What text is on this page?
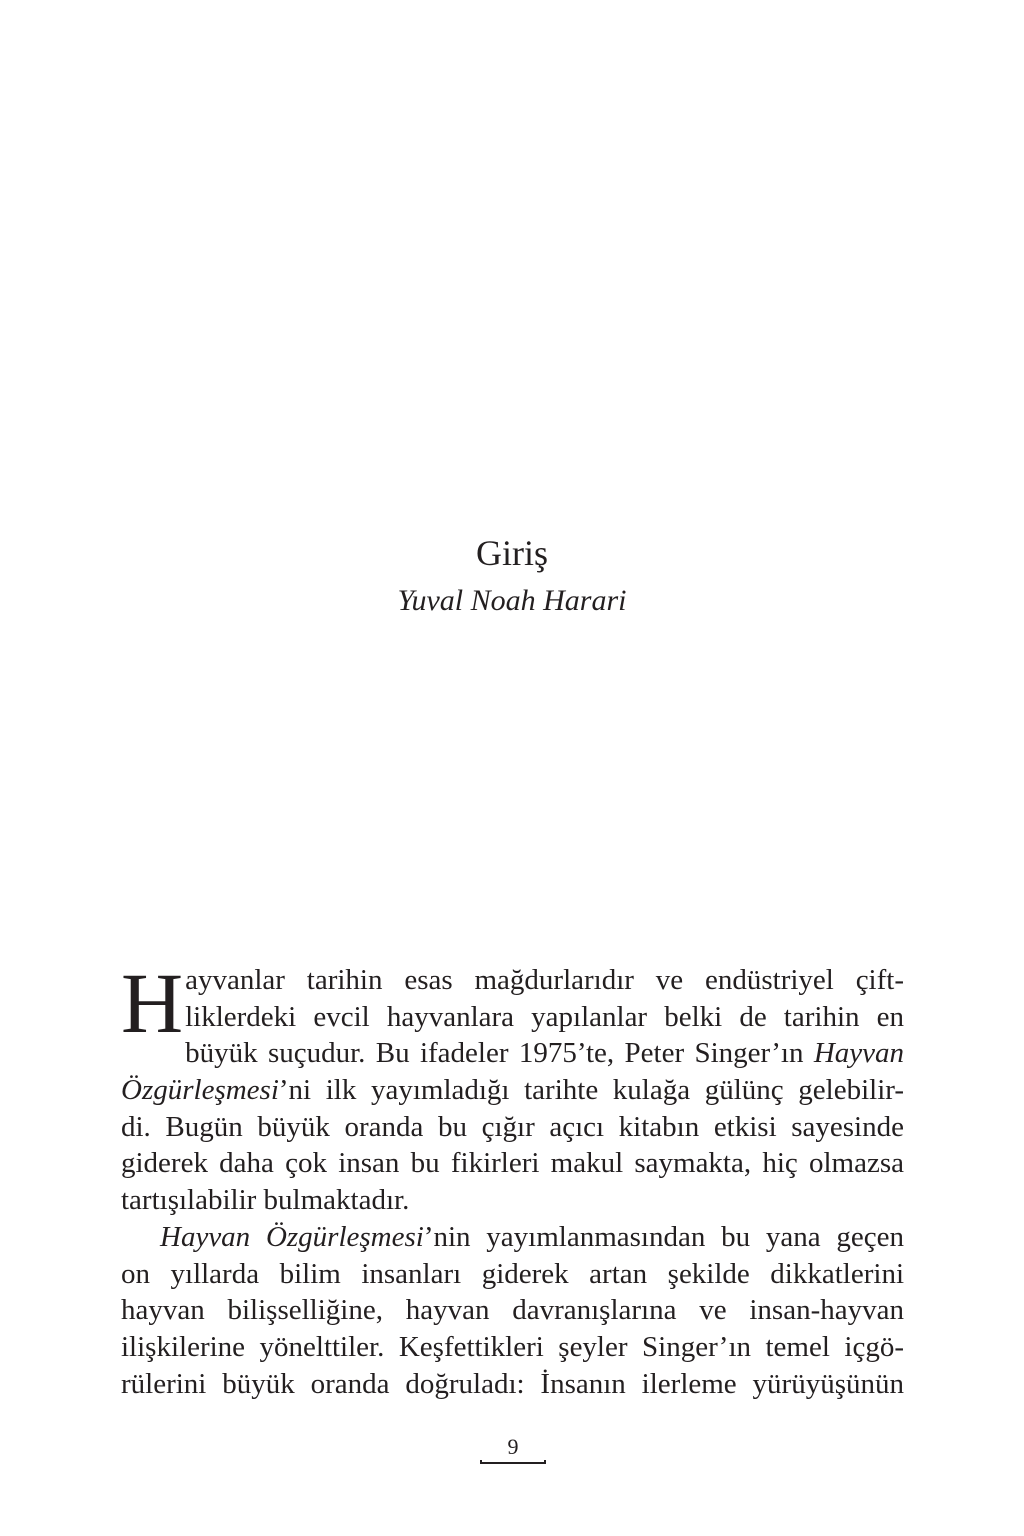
Giriş

Yuval Noah Harari

H ayvanlar tarihin esas mağdurlarıdır ve endüstriyel çift-
liklerdeki evcil hayvanlara yapılanlar belki de tarihin en
büyük suçudur. Bu ifadeler 1975’te, Peter Singer’ın Hayvan
Özgürleşmesi’ni ilk yayımladığı tarihte kulağa gülünç gelebilir-
di. Bugün büyük oranda bu çığır açıcı kitabın etkisi sayesinde
giderek daha çok insan bu fikirleri makul saymakta, hiç olmazsa
tartışılabilir bulmaktadır.
Hayvan Özgürleşmesi’nin yayımlanmasından bu yana geçen
on yıllarda bilim insanları giderek artan şekilde dikkatlerini
hayvan bilişselliğine, hayvan davranışlarına ve insan-hayvan
ilişkilerine yönelttiler. Keşfettikleri şeyler Singer’ın temel içgö-
rülerini büyük oranda doğruladı: İnsanın ilerleme yürüyüşünün
9
